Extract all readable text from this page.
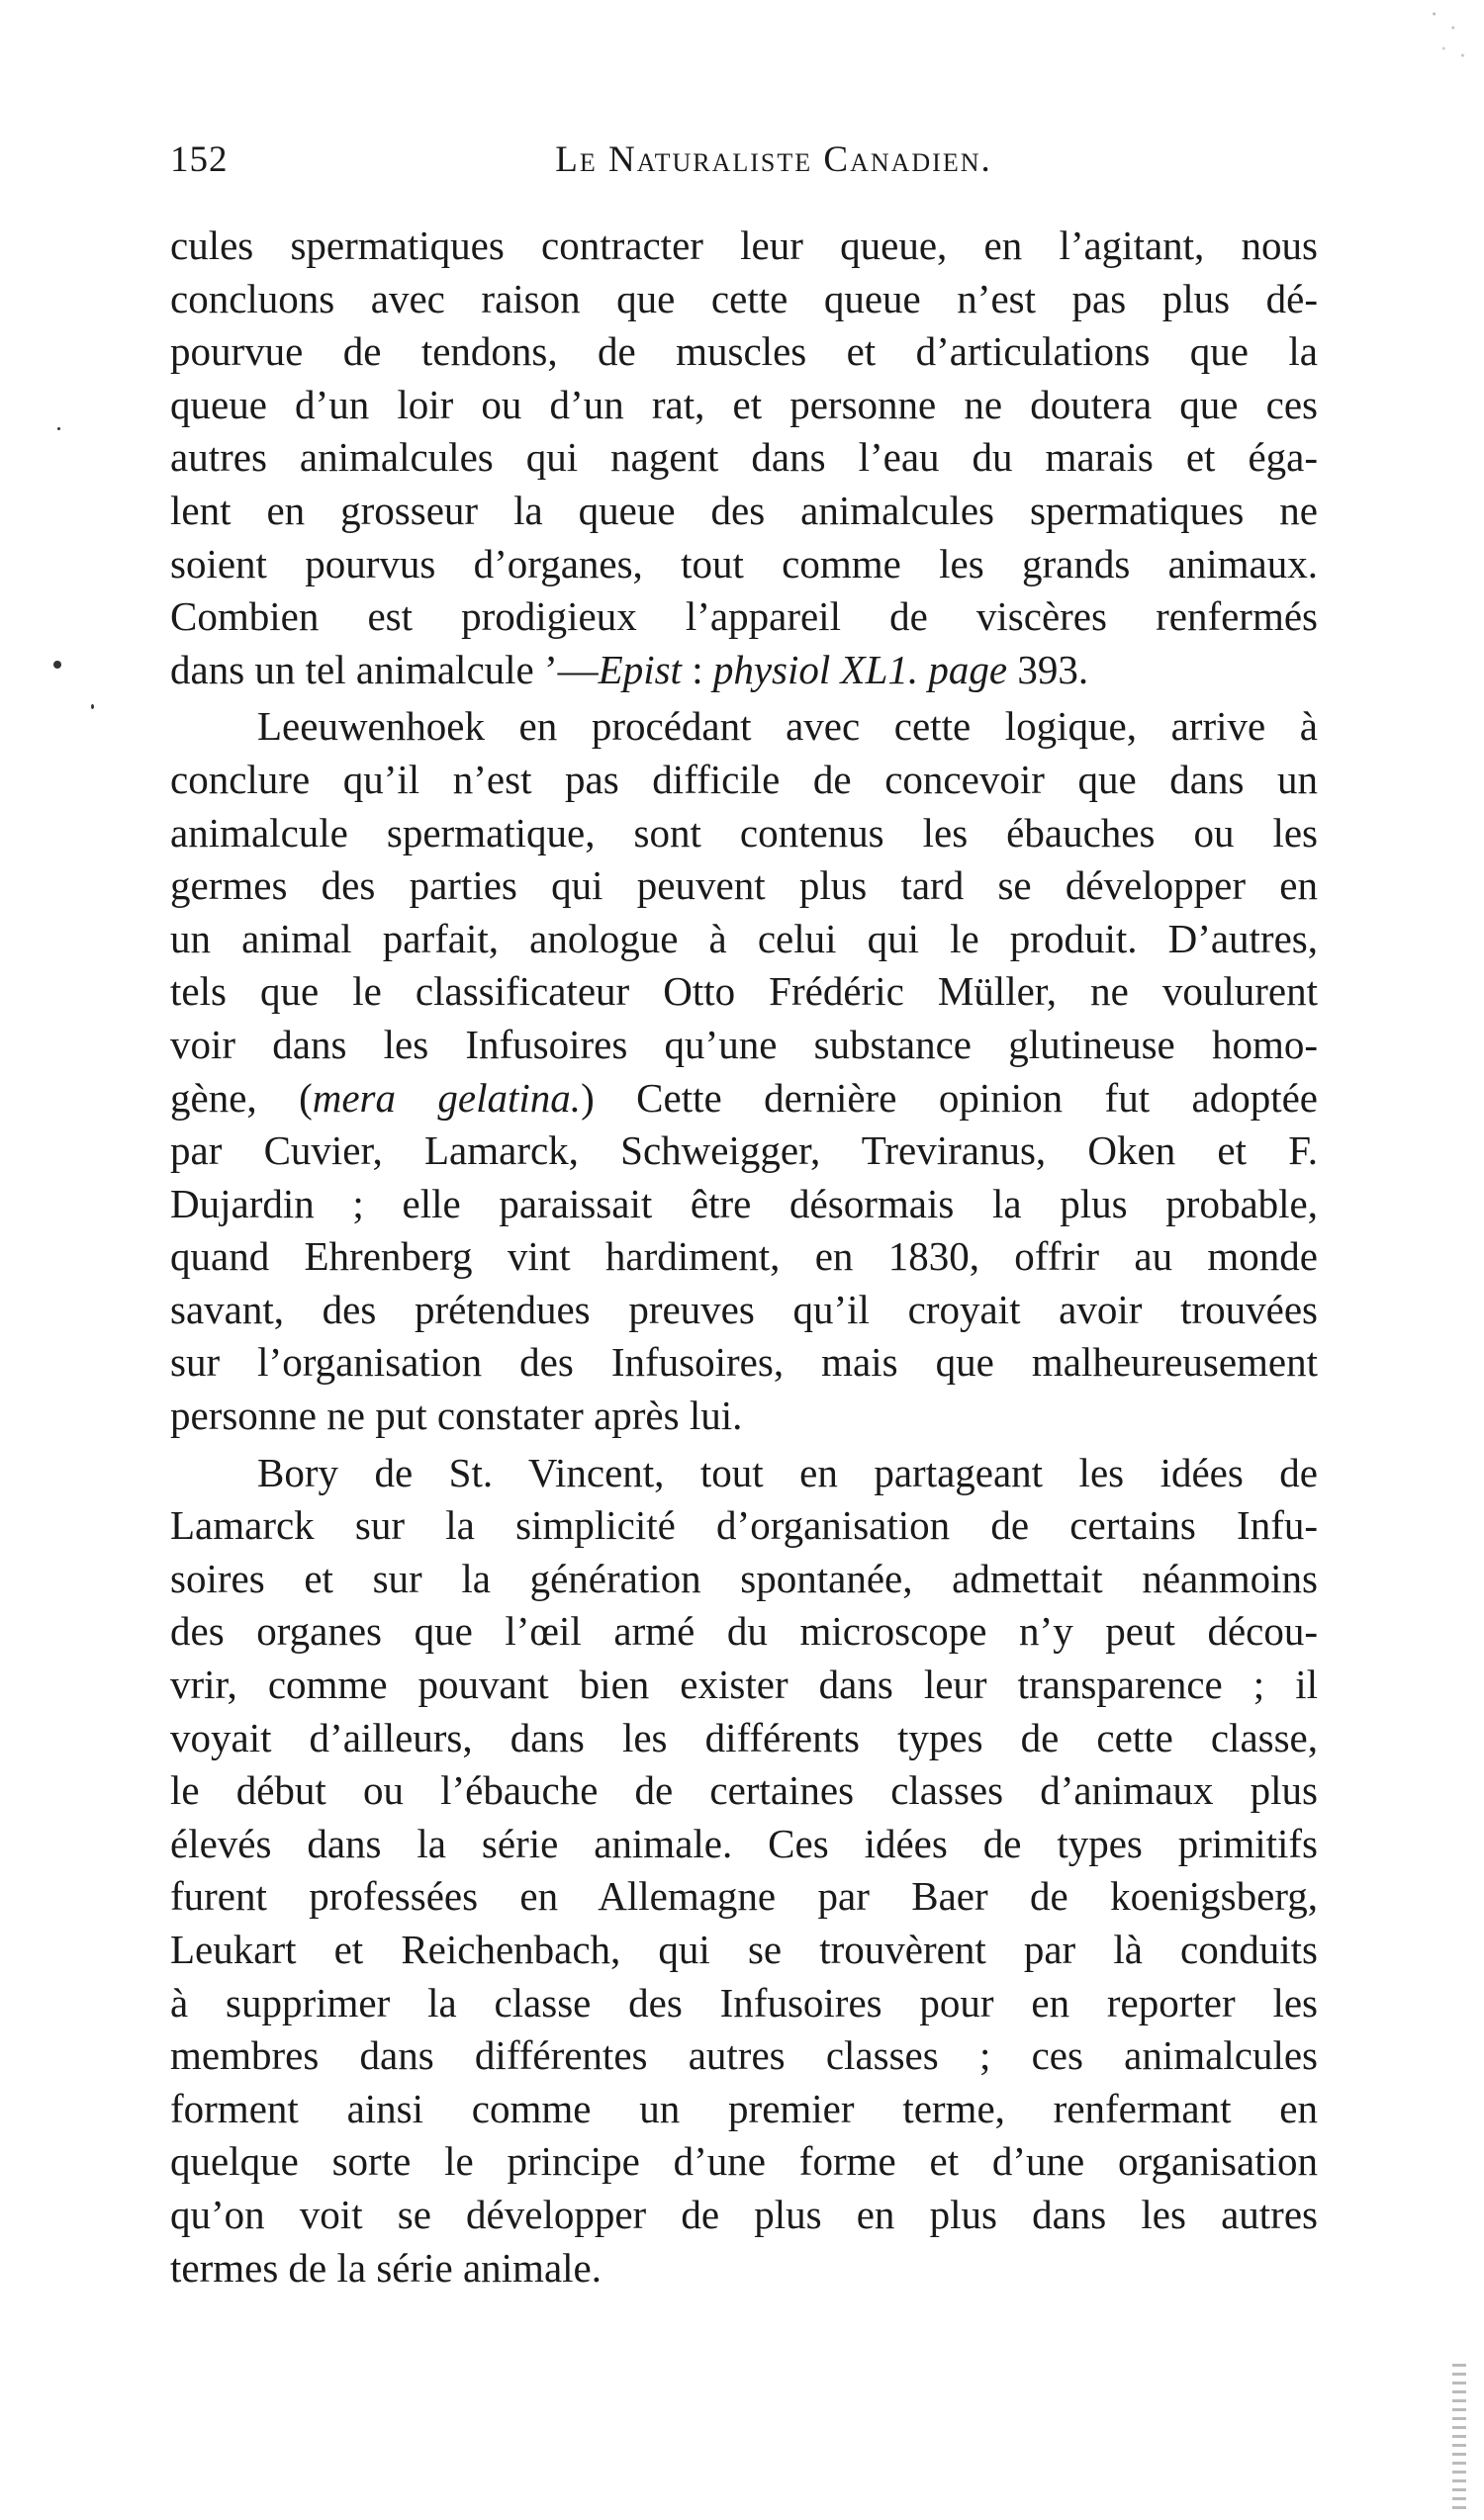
152	Le Naturaliste Canadien.
cules spermatiques contracter leur queue, en l’agitant, nous
concluons avec raison que cette queue n’est pas plus dé-
pourvue de tendons, de muscles et d’articulations que la
queue d’un loir ou d’un rat, et personne ne doutera que ces
autres animalcules qui nagent dans l’eau du marais et éga-
lent en grosseur la queue des animalcules spermatiques ne
soient pourvus d’organes, tout comme les grands animaux.
Combien est prodigieux l’appareil de viscères renfermés
dans un tel animalcule ’—Epist : physiol XL1. page 393.
Leeuwenhoek en procédant avec cette logique, arrive à
conclure qu’il n’est pas difficile de concevoir que dans un
animalcule spermatique, sont contenus les ébauches ou les
germes des parties qui peuvent plus tard se développer en
un animal parfait, anologue à celui qui le produit. D’autres,
tels que le classificateur Otto Frédéric Müller, ne voulurent
voir dans les Infusoires qu’une substance glutineuse homo-
gène, (mera gelatina.) Cette dernière opinion fut adoptée
par Cuvier, Lamarck, Schweigger, Treviranus, Oken et F.
Dujardin ; elle paraissait être désormais la plus probable,
quand Ehrenberg vint hardiment, en 1830, offrir au monde
savant, des prétendues preuves qu’il croyait avoir trouvées
sur l’organisation des Infusoires, mais que malheureusement
personne ne put constater après lui.
Bory de St. Vincent, tout en partageant les idées de
Lamarck sur la simplicité d’organisation de certains Infu-
soires et sur la génération spontanée, admettait néanmoins
des organes que l’œil armé du microscope n’y peut décou-
vrir, comme pouvant bien exister dans leur transparence ; il
voyait d’ailleurs, dans les différents types de cette classe,
le début ou l’ébauche de certaines classes d’animaux plus
élevés dans la série animale. Ces idées de types primitifs
furent professées en Allemagne par Baer de koenigsberg,
Leukart et Reichenbach, qui se trouvèrent par là conduits
à supprimer la classe des Infusoires pour en reporter les
membres dans différentes autres classes ; ces animalcules
forment ainsi comme un premier terme, renfermant en
quelque sorte le principe d’une forme et d’une organisation
qu’on voit se développer de plus en plus dans les autres
termes de la série animale.
